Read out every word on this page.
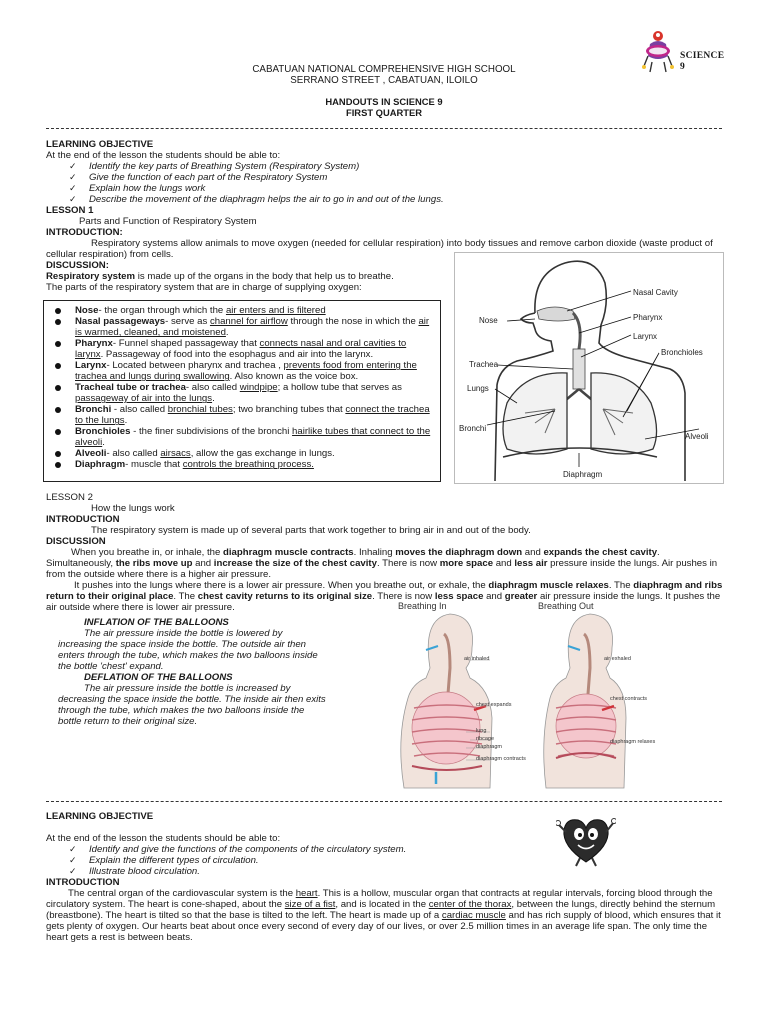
CABATUAN NATIONAL COMPREHENSIVE HIGH SCHOOL
SERRANO STREET , CABATUAN, ILOILO
HANDOUTS IN SCIENCE 9
FIRST QUARTER
SCIENCE 9
LEARNING OBJECTIVE
At the end of the lesson the students should be able to:
✓ Identify the key parts of Breathing System (Respiratory System)
✓ Give the function of each part of the Respiratory System
✓ Explain how the lungs work
✓ Describe the movement of the diaphragm helps the air to go in and out of the lungs.
LESSON 1
Parts and Function of Respiratory System
INTRODUCTION:

Respiratory systems allow animals to move oxygen (needed for cellular respiration) into body tissues and remove carbon dioxide (waste product of cellular respiration) from cells.

DISCUSSION:
Respiratory system is made up of the organs in the body that help us to breathe.
The parts of the respiratory system that are in charge of supplying oxygen:
Nose- the organ through which the air enters and is filtered
Nasal passageways- serve as channel for airflow through the nose in which the air is warmed, cleaned, and moistened.
Pharynx- Funnel shaped passageway that connects nasal and oral cavities to larynx. Passageway of food into the esophagus and air into the larynx.
Larynx- Located between pharynx and trachea , prevents food from entering the trachea and lungs during swallowing. Also known as the voice box.
Tracheal tube or trachea- also called windpipe; a hollow tube that serves as passageway of air into the lungs.
Bronchi - also called bronchial tubes; two branching tubes that connect the trachea to the lungs.
Bronchioles - the finer subdivisions of the bronchi hairlike tubes that connect to the alveoli.
Alveoli- also called airsacs, allow the gas exchange in lungs.
Diaphragm- muscle that controls the breathing process.
Nasal Cavity
Pharynx
Larynx
Bronchioles
Nose
Trachea
Lungs
Bronchi
Alveoli
Diaphragm
LESSON 2
How the lungs work
INTRODUCTION

The respiratory system is made up of several parts that work together to bring air in and out of the body.

DISCUSSION

When you breathe in, or inhale, the diaphragm muscle contracts. Inhaling moves the diaphragm down and expands the chest cavity. Simultaneously, the ribs move up and increase the size of the chest cavity. There is now more space and less air pressure inside the lungs. Air pushes in from the outside where there is a higher air pressure.

It pushes into the lungs where there is a lower air pressure. When you breathe out, or exhale, the diaphragm muscle relaxes. The diaphragm and ribs return to their original place. The chest cavity returns to its original size. There is now less space and greater air pressure inside the lungs. It pushes the air outside where there is lower air pressure.

INFLATION OF THE BALLOONS

The air pressure inside the bottle is lowered by increasing the space inside the bottle. The outside air then enters through the tube, which makes the two balloons inside the bottle 'chest' expand.

DEFLATION OF THE BALLOONS

The air pressure inside the bottle is increased by decreasing the space inside the bottle. The inside air then exits through the tube, which makes the two balloons inside the bottle return to their original size.

Breathing In	Breathing Out
air inhaled
chest expands
lung
ribcage
diaphragm
diaphragm contracts
air exhaled
chest contracts
diaphragm relaxes
LEARNING OBJECTIVE
At the end of the lesson the students should be able to:
✓ Identify and give the functions of the components of the circulatory system.
✓ Explain the different types of circulation.
✓ Illustrate blood circulation.
INTRODUCTION

The central organ of the cardiovascular system is the heart. This is a hollow, muscular organ that contracts at regular intervals, forcing blood through the circulatory system. The heart is cone-shaped, about the size of a fist, and is located in the center of the thorax, between the lungs, directly behind the sternum (breastbone). The heart is tilted so that the base is tilted to the left. The heart is made up of a cardiac muscle and has rich supply of blood, which ensures that it gets plenty of oxygen. Our hearts beat about once every second of every day of our lives, or over 2.5 million times in an average life span. The only time the heart gets a rest is between beats.
